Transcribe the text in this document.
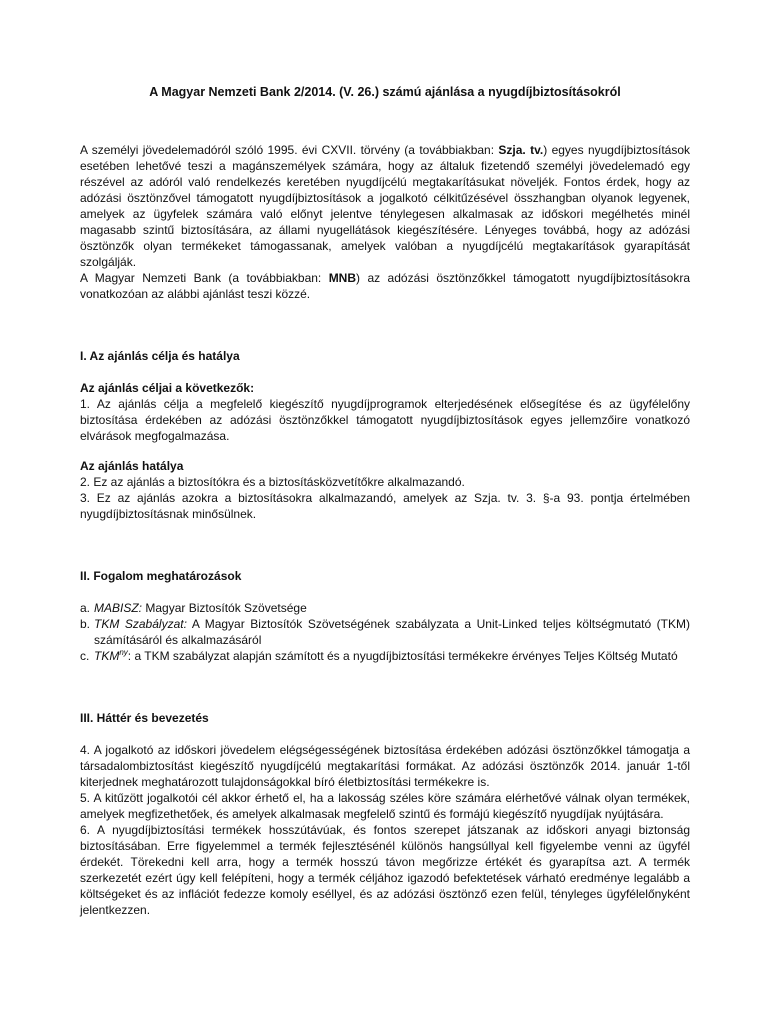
A Magyar Nemzeti Bank 2/2014. (V. 26.) számú ajánlása a nyugdíjbiztosításokról

A személyi jövedelemadóról szóló 1995. évi CXVII. törvény (a továbbiakban: Szja. tv.) egyes nyugdíjbiztosítások esetében lehetővé teszi a magánszemélyek számára, hogy az általuk fizetendő személyi jövedelemadó egy részével az adóról való rendelkezés keretében nyugdíjcélú megtakarításukat növeljék. Fontos érdek, hogy az adózási ösztönzővel támogatott nyugdíjbiztosítások a jogalkotó célkitűzésével összhangban olyanok legyenek, amelyek az ügyfelek számára való előnyt jelentve ténylegesen alkalmasak az időskori megélhetés minél magasabb szintű biztosítására, az állami nyugellátások kiegészítésére. Lényeges továbbá, hogy az adózási ösztönzők olyan termékeket támogassanak, amelyek valóban a nyugdíjcélú megtakarítások gyarapítását szolgálják.

A Magyar Nemzeti Bank (a továbbiakban: MNB) az adózási ösztönzőkkel támogatott nyugdíjbiztosításokra vonatkozóan az alábbi ajánlást teszi közzé.

I. Az ajánlás célja és hatálya

Az ajánlás céljai a következők:

1. Az ajánlás célja a megfelelő kiegészítő nyugdíjprogramok elterjedésének elősegítése és az ügyfélelőny biztosítása érdekében az adózási ösztönzőkkel támogatott nyugdíjbiztosítások egyes jellemzőire vonatkozó elvárások megfogalmazása.

Az ajánlás hatálya

2. Ez az ajánlás a biztosítókra és a biztosításközvetítőkre alkalmazandó.

3. Ez az ajánlás azokra a biztosításokra alkalmazandó, amelyek az Szja. tv. 3. §-a 93. pontja értelmében nyugdíjbiztosításnak minősülnek.

II. Fogalom meghatározások

a. MABISZ: Magyar Biztosítók Szövetsége
b. TKM Szabályzat: A Magyar Biztosítók Szövetségének szabályzata a Unit-Linked teljes költségmutató (TKM) számításáról és alkalmazásáról
c. $TKM^{ny}$: a TKM szabályzat alapján számított és a nyugdíjbiztosítási termékekre érvényes Teljes Költség Mutató

III. Háttér és bevezetés

4. A jogalkotó az időskori jövedelem elégségességének biztosítása érdekében adózási ösztönzőkkel támogatja a társadalombiztosítást kiegészítő nyugdíjcélú megtakarítási formákat. Az adózási ösztönzők 2014. január 1-től kiterjednek meghatározott tulajdonságokkal bíró életbiztosítási termékekre is.

5. A kitűzött jogalkotói cél akkor érhető el, ha a lakosság széles köre számára elérhetővé válnak olyan termékek, amelyek megfizethetőek, és amelyek alkalmasak megfelelő szintű és formájú kiegészítő nyugdíjak nyújtására.

6. A nyugdíjbiztosítási termékek hosszútávúak, és fontos szerepet játszanak az időskori anyagi biztonság biztosításában. Erre figyelemmel a termék fejlesztésénél különös hangsúllyal kell figyelembe venni az ügyfél érdekét. Törekedni kell arra, hogy a termék hosszú távon megőrizze értékét és gyarapítsa azt. A termék szerkezetét ezért úgy kell felépíteni, hogy a termék céljához igazodó befektetések várható eredménye legalább a költségeket és az inflációt fedezze komoly eséllyel, és az adózási ösztönző ezen felül, tényleges ügyfélelőnyként jelentkezzen.
